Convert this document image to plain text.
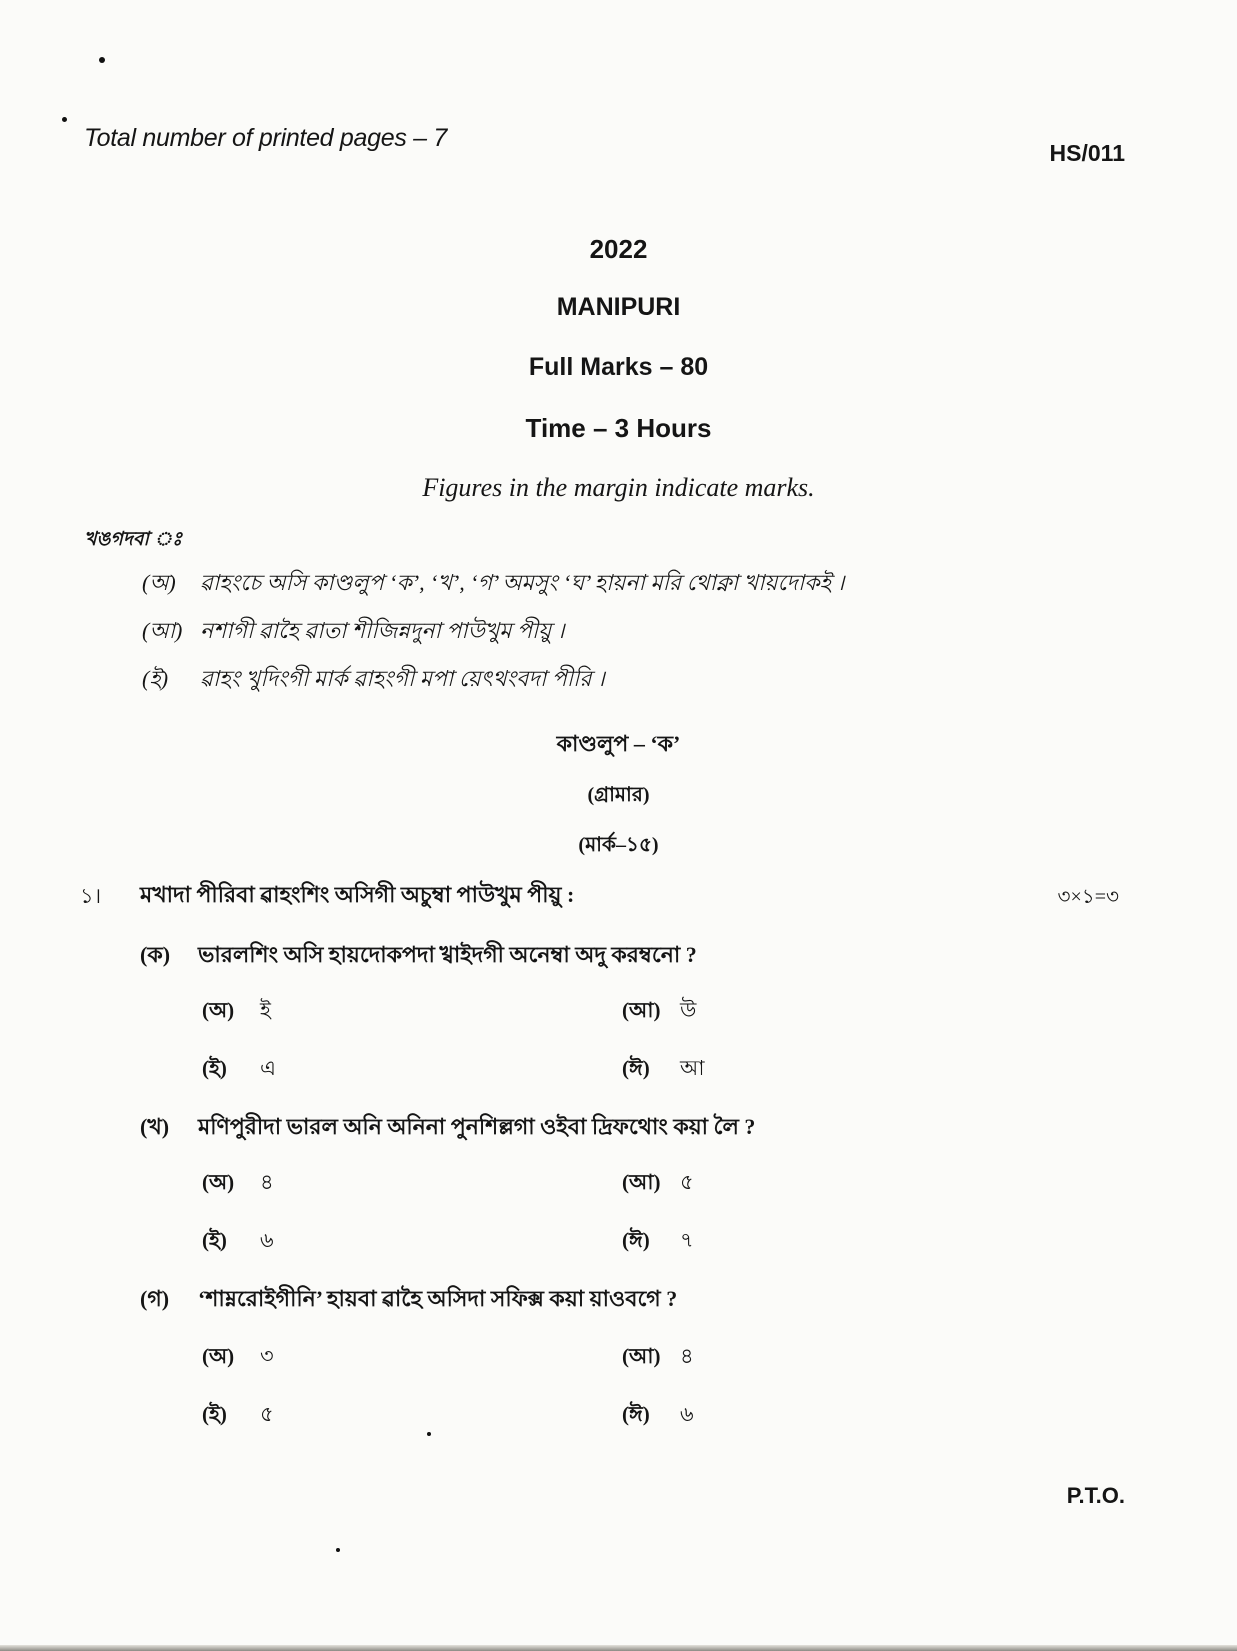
Total number of printed pages – 7
HS/011
2022
MANIPURI
Full Marks – 80
Time – 3 Hours
Figures in the margin indicate marks.
খঙগদবা ঃ
(অ) ৱাহংচে অসি কাণ্ডলুপ ‘ক’, ‘খ’, ‘গ’ অমসুং ‘ঘ’ হায়না মরি থোক্না খায়দোকই ।
(আ) নশাগী ৱাহৈ ৱাতা শীজিন্নদুনা পাউখুম পীয়ু ।
(ই) ৱাহং খুদিংগী মার্ক ৱাহংগী মপা য়েৎথংবদা পীরি ।
কাণ্ডলুপ – ‘ক’
(গ্রামার)
(মার্ক–১৫)
১। মখাদা পীরিবা ৱাহংশিং অসিগী অচুম্বা পাউখুম পীয়ু :	৩×১=৩
(ক) ভারলশিং অসি হায়দোকপদা খ্বাইদগী অনেম্বা অদু করম্বনো ?
(অ) ই	(আ) উ
(ই) এ	(ঈ) আ
(খ) মণিপুরীদা ভারল অনি অনিনা পুনশিল্লগা ওইবা দ্রিফথোং কয়া লৈ ?
(অ) ৪	(আ) ৫
(ই) ৬	(ঈ) ৭
(গ) ‘শাম্নরোইগীনি’ হায়বা ৱাহৈ অসিদা সফিক্স কয়া য়াওবগে ?
(অ) ৩	(আ) ৪
(ই) ৫	(ঈ) ৬
P.T.O.
